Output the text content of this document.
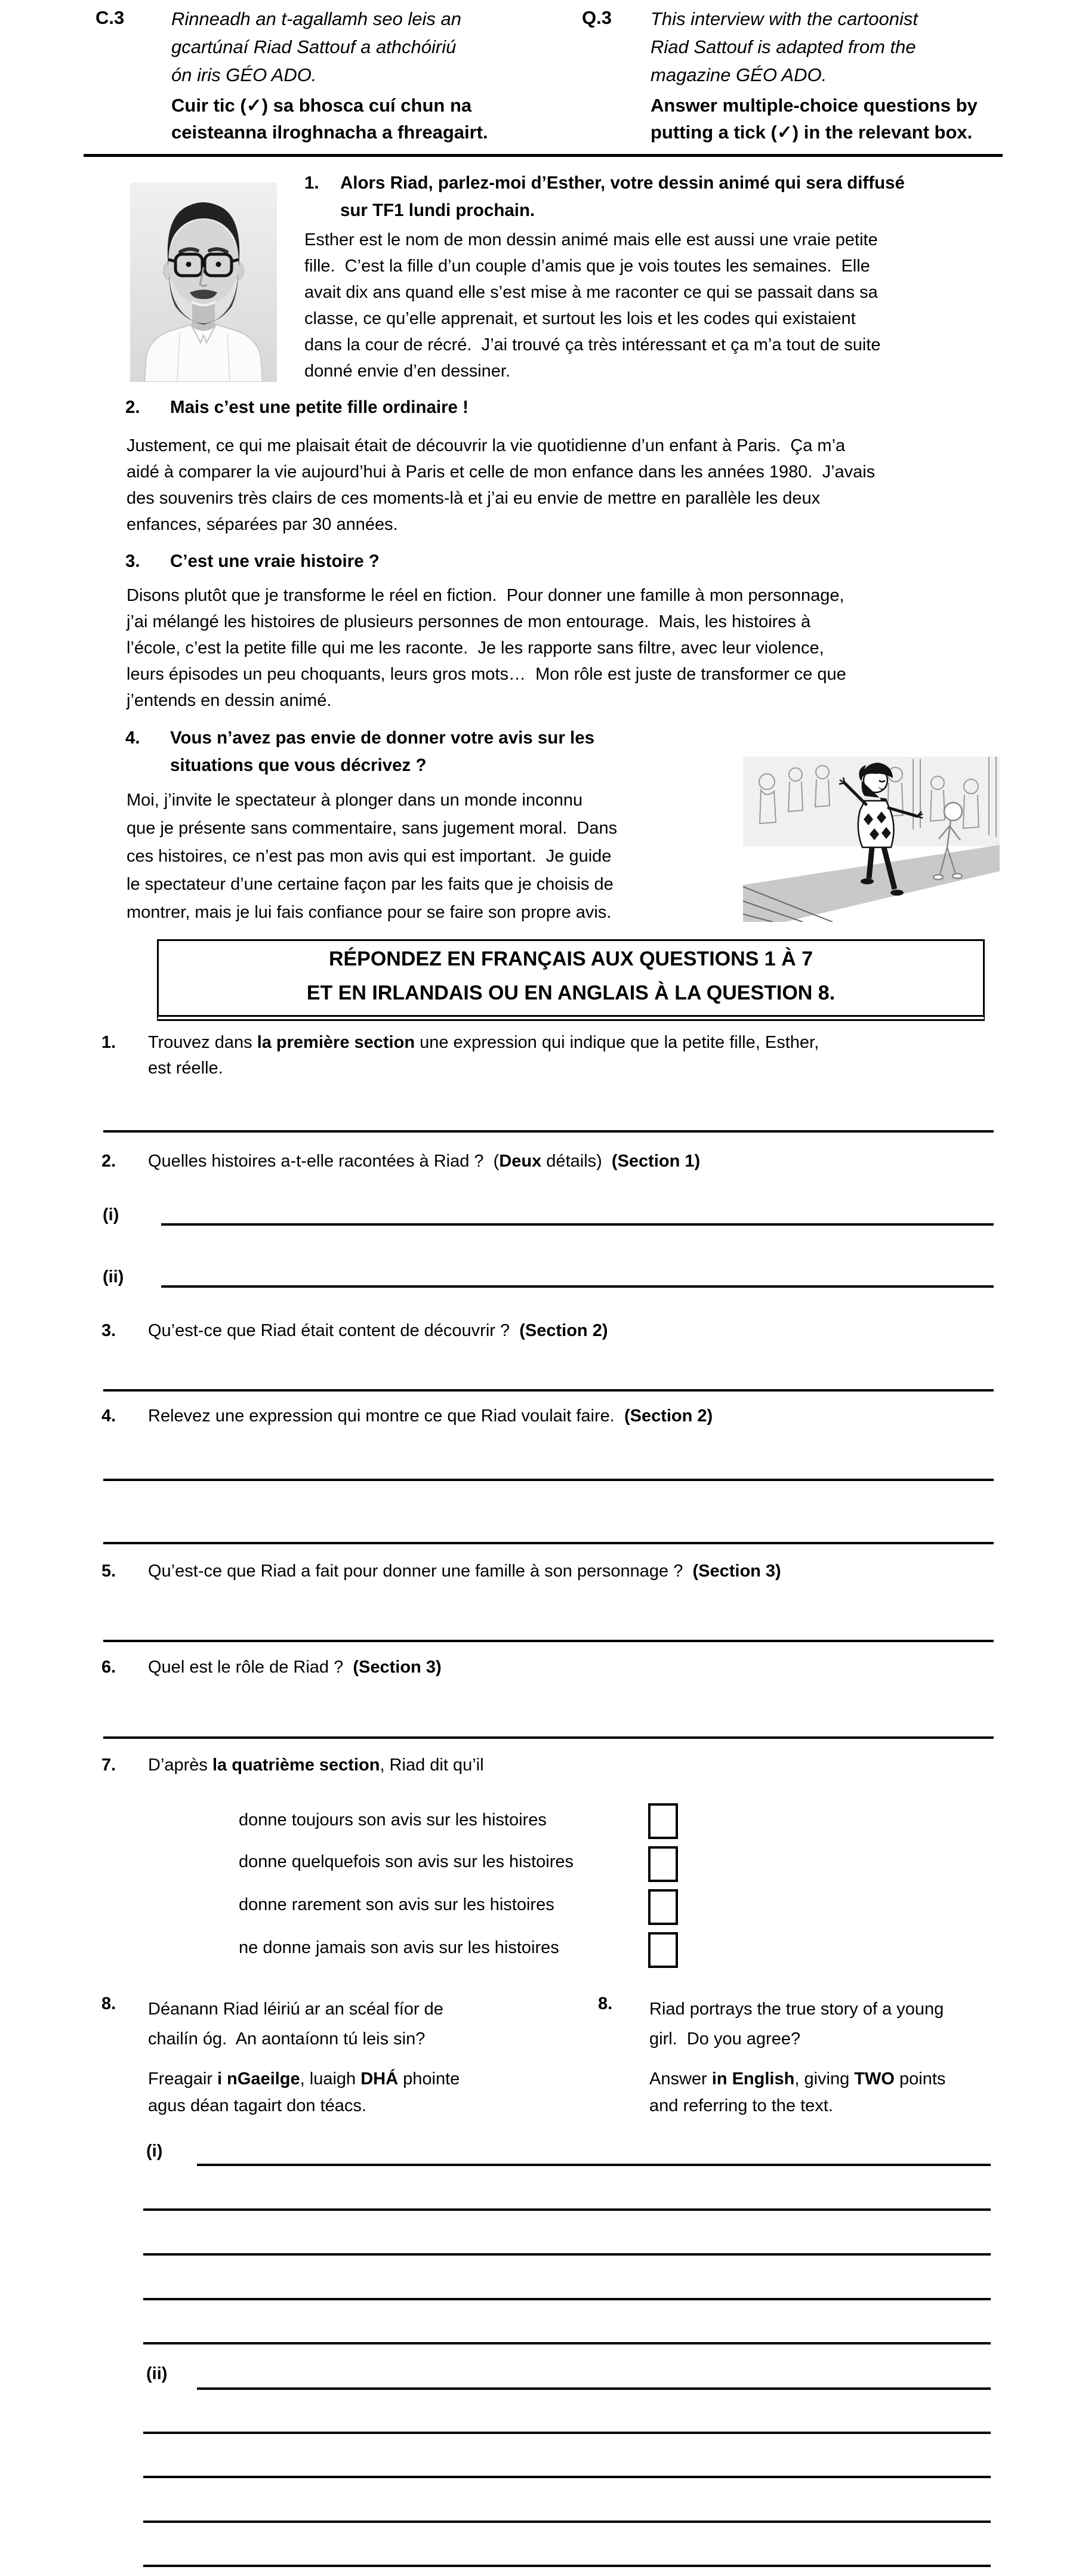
C.3	Rinneadh an t-agallamh seo leis an
gcartúnaí Riad Sattouf a athchóiriú
ón iris GÉO ADO.
Q.3 This interview with the cartoonist
Riad Sattouf is adapted from the
magazine GÉO ADO.
Cuir tic (✓) sa bhosca cuí chun na
ceisteanna ilroghnacha a fhreagairt.
Answer multiple-choice questions by
putting a tick (✓) in the relevant box.
1.	Alors Riad, parlez-moi d’Esther, votre dessin animé qui sera diffusé
sur TF1 lundi prochain.
Esther est le nom de mon dessin animé mais elle est aussi une vraie petite
fille.  C’est la fille d’un couple d’amis que je vois toutes les semaines.  Elle
avait dix ans quand elle s’est mise à me raconter ce qui se passait dans sa
classe, ce qu’elle apprenait, et surtout les lois et les codes qui existaient
dans la cour de récré.  J’ai trouvé ça très intéressant et ça m’a tout de suite
donné envie d’en dessiner.
2.	Mais c’est une petite fille ordinaire !
Justement, ce qui me plaisait était de découvrir la vie quotidienne d’un enfant à Paris.  Ça m’a
aidé à comparer la vie aujourd’hui à Paris et celle de mon enfance dans les années 1980.  J’avais
des souvenirs très clairs de ces moments-là et j’ai eu envie de mettre en parallèle les deux
enfances, séparées par 30 années.
3.	C’est une vraie histoire ?
Disons plutôt que je transforme le réel en fiction.  Pour donner une famille à mon personnage,
j’ai mélangé les histoires de plusieurs personnes de mon entourage.  Mais, les histoires à
l’école, c’est la petite fille qui me les raconte.  Je les rapporte sans filtre, avec leur violence,
leurs épisodes un peu choquants, leurs gros mots…  Mon rôle est juste de transformer ce que
j’entends en dessin animé.
4.	Vous n’avez pas envie de donner votre avis sur les
situations que vous décrivez ?
Moi, j’invite le spectateur à plonger dans un monde inconnu
que je présente sans commentaire, sans jugement moral.  Dans
ces histoires, ce n’est pas mon avis qui est important.  Je guide
le spectateur d’une certaine façon par les faits que je choisis de
montrer, mais je lui fais confiance pour se faire son propre avis.
RÉPONDEZ EN FRANÇAIS AUX QUESTIONS 1 À 7
ET EN IRLANDAIS OU EN ANGLAIS À LA QUESTION 8.
1.	Trouvez dans la première section une expression qui indique que la petite fille, Esther,
est réelle.
2.	Quelles histoires a-t-elle racontées à Riad ?  (Deux détails)  (Section 1)
(i)
(ii)
3.	Qu’est-ce que Riad était content de découvrir ?  (Section 2)
4.	Relevez une expression qui montre ce que Riad voulait faire.  (Section 2)
5.	Qu’est-ce que Riad a fait pour donner une famille à son personnage ?  (Section 3)
6.	Quel est le rôle de Riad ?  (Section 3)
7.	D’après la quatrième section, Riad dit qu’il
donne toujours son avis sur les histoires
donne quelquefois son avis sur les histoires
donne rarement son avis sur les histoires
ne donne jamais son avis sur les histoires
8.	Déanann Riad léiriú ar an scéal fíor de
chailín óg.  An aontaíonn tú leis sin?
Freagair i nGaeilge, luaigh DHÁ phointe
agus déan tagairt don téacs.
8.	Riad portrays the true story of a young
girl.  Do you agree?
Answer in English, giving TWO points
and referring to the text.
(i)
(ii)
